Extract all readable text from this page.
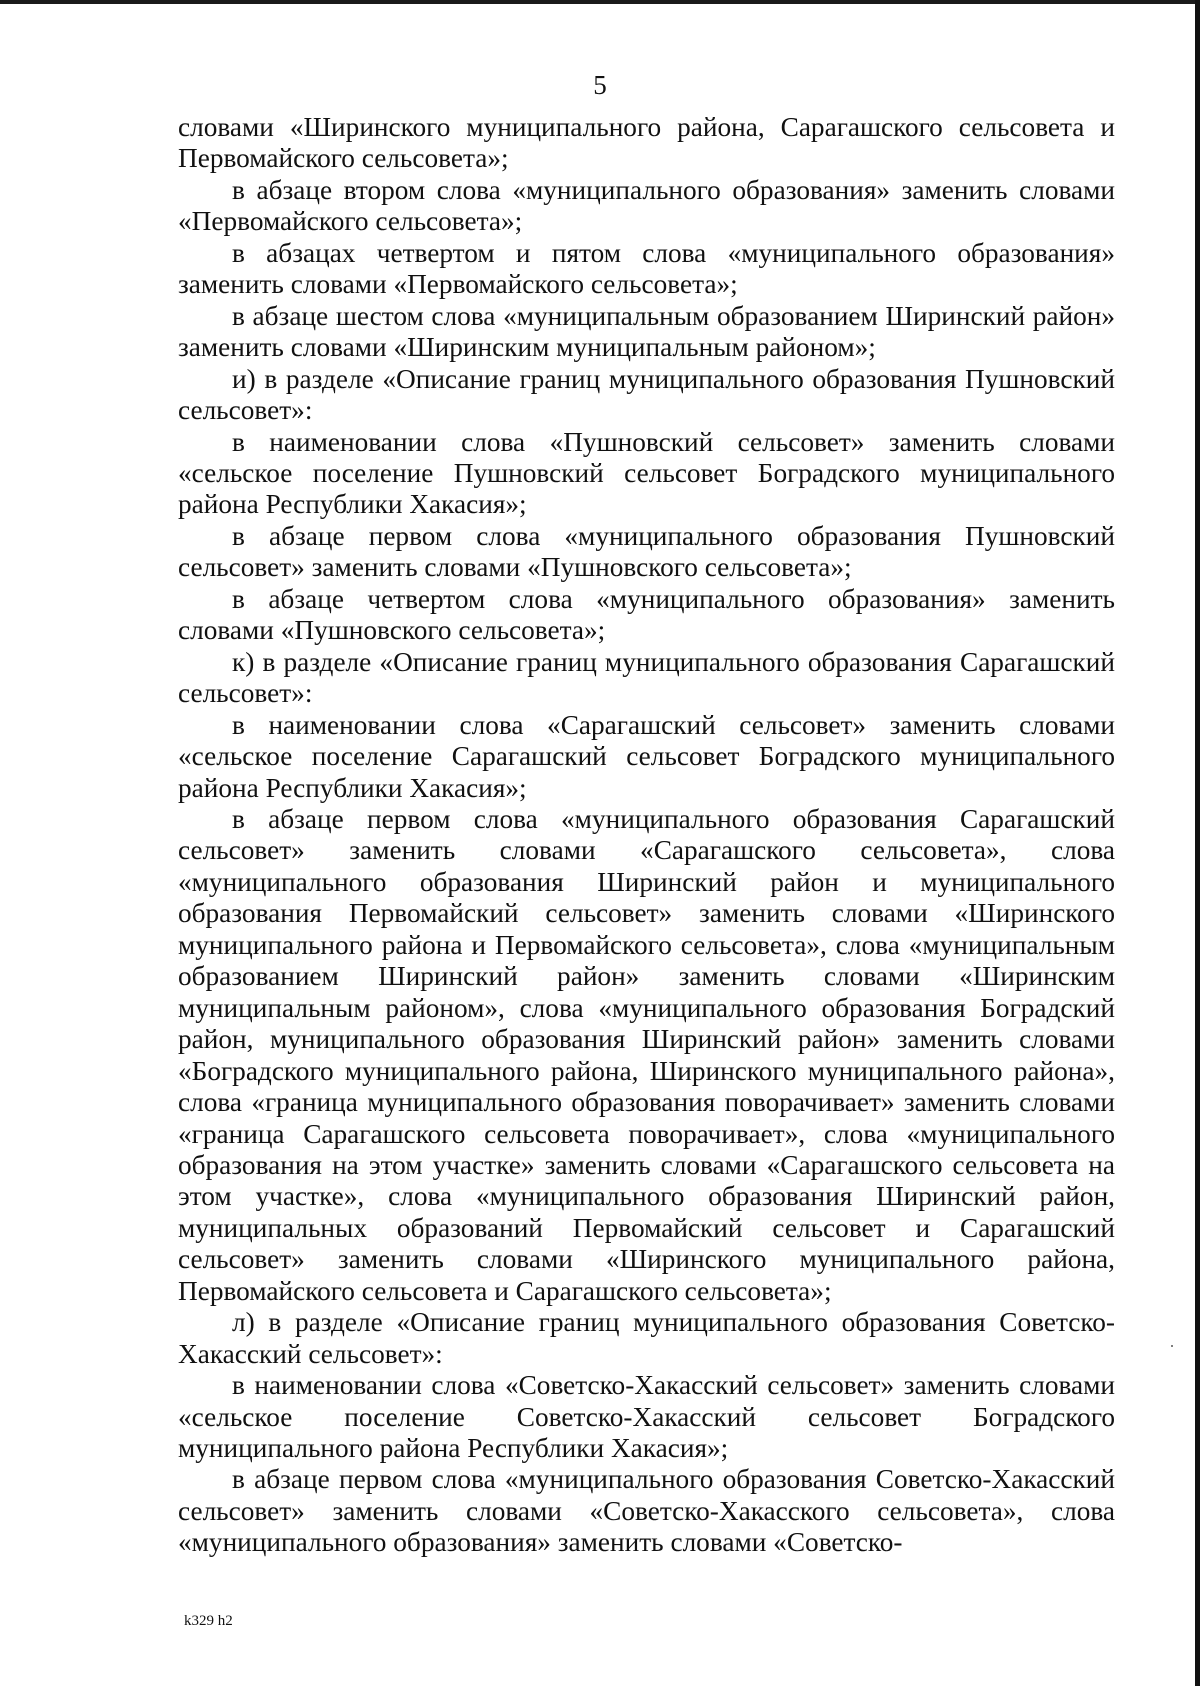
5

словами «Ширинского муниципального района, Сарагашского сельсовета и Первомайского сельсовета»;

в абзаце втором слова «муниципального образования» заменить словами «Первомайского сельсовета»;

в абзацах четвертом и пятом слова «муниципального образования» заменить словами «Первомайского сельсовета»;

в абзаце шестом слова «муниципальным образованием Ширинский район» заменить словами «Ширинским муниципальным районом»;

и) в разделе «Описание границ муниципального образования Пушновский сельсовет»:

в наименовании слова «Пушновский сельсовет» заменить словами «сельское поселение Пушновский сельсовет Боградского муниципального района Республики Хакасия»;

в абзаце первом слова «муниципального образования Пушновский сельсовет» заменить словами «Пушновского сельсовета»;

в абзаце четвертом слова «муниципального образования» заменить словами «Пушновского сельсовета»;

к) в разделе «Описание границ муниципального образования Сарагашский сельсовет»:

в наименовании слова «Сарагашский сельсовет» заменить словами «сельское поселение Сарагашский сельсовет Боградского муниципального района Республики Хакасия»;

в абзаце первом слова «муниципального образования Сарагашский сельсовет» заменить словами «Сарагашского сельсовета», слова «муниципального образования Ширинский район и муниципального образования Первомайский сельсовет» заменить словами «Ширинского муниципального района и Первомайского сельсовета», слова «муниципальным образованием Ширинский район» заменить словами «Ширинским муниципальным районом», слова «муниципального образования Боградский район, муниципального образования Ширинский район» заменить словами «Боградского муниципального района, Ширинского муниципального района», слова «граница муниципального образования поворачивает» заменить словами «граница Сарагашского сельсовета поворачивает», слова «муниципального образования на этом участке» заменить словами «Сарагашского сельсовета на этом участке», слова «муниципального образования Ширинский район, муниципальных образований Первомайский сельсовет и Сарагашский сельсовет» заменить словами «Ширинского муниципального района, Первомайского сельсовета и Сарагашского сельсовета»;

л) в разделе «Описание границ муниципального образования Советско-Хакасский сельсовет»:

в наименовании слова «Советско-Хакасский сельсовет» заменить словами «сельское поселение Советско-Хакасский сельсовет Боградского муниципального района Республики Хакасия»;

в абзаце первом слова «муниципального образования Советско-Хакасский сельсовет» заменить словами «Советско-Хакасского сельсовета», слова «муниципального образования» заменить словами «Советско-

k329 h2
